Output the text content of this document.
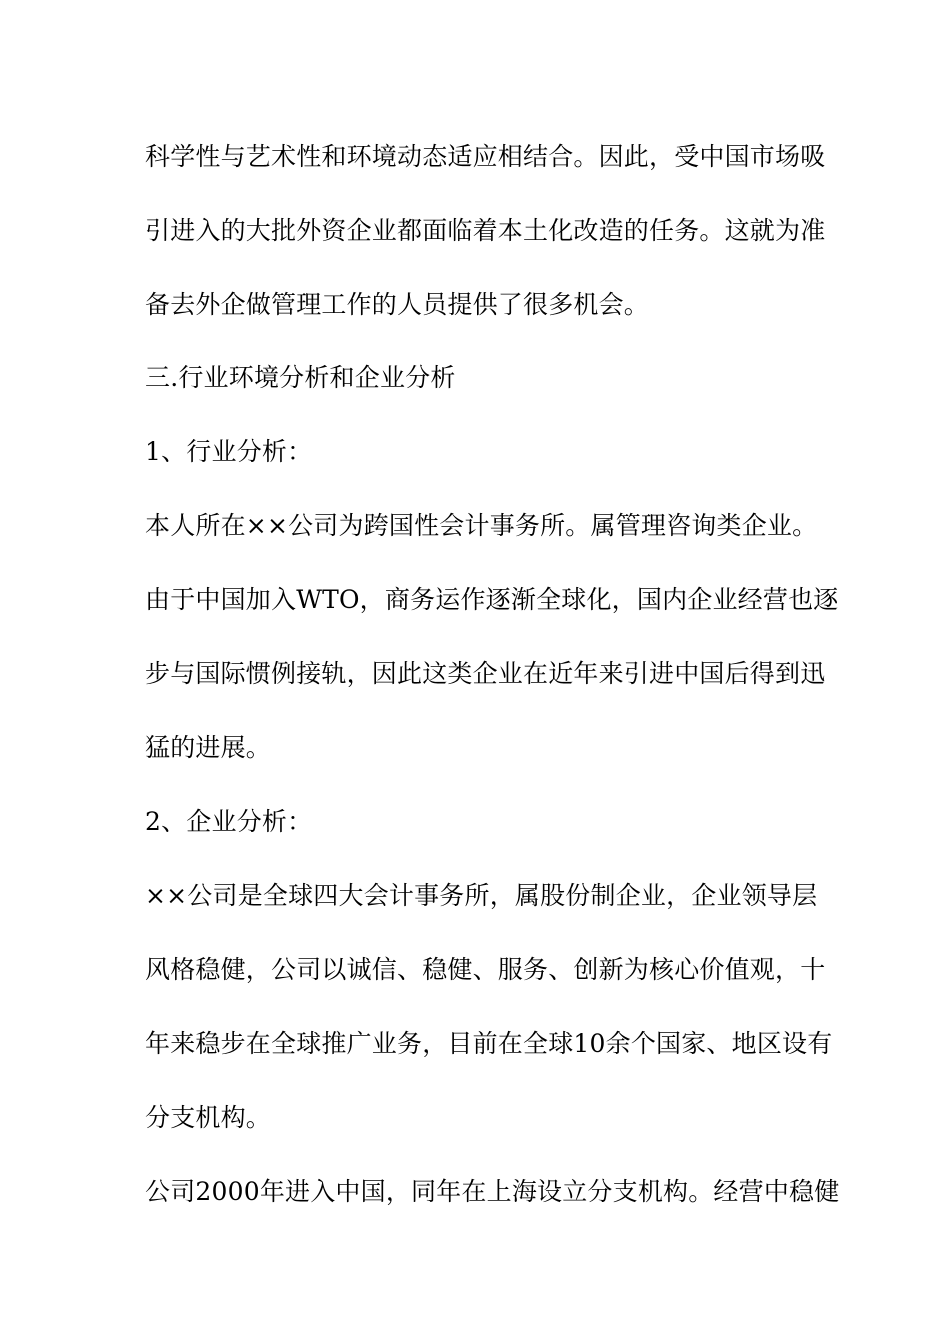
科学性与艺术性和环境动态适应相结合。因此，受中国市场吸
引进入的大批外资企业都面临着本土化改造的任务。这就为准
备去外企做管理工作的人员提供了很多机会。
三.行业环境分析和企业分析
1、行业分析：
本人所在××公司为跨国性会计事务所。属管理咨询类企业。
由于中国加入WTO，商务运作逐渐全球化，国内企业经营也逐
步与国际惯例接轨，因此这类企业在近年来引进中国后得到迅
猛的进展。
2、企业分析：
××公司是全球四大会计事务所，属股份制企业，企业领导层
风格稳健，公司以诚信、稳健、服务、创新为核心价值观，十
年来稳步在全球推广业务，目前在全球10余个国家、地区设有
分支机构。
公司2000年进入中国，同年在上海设立分支机构。经营中稳健
